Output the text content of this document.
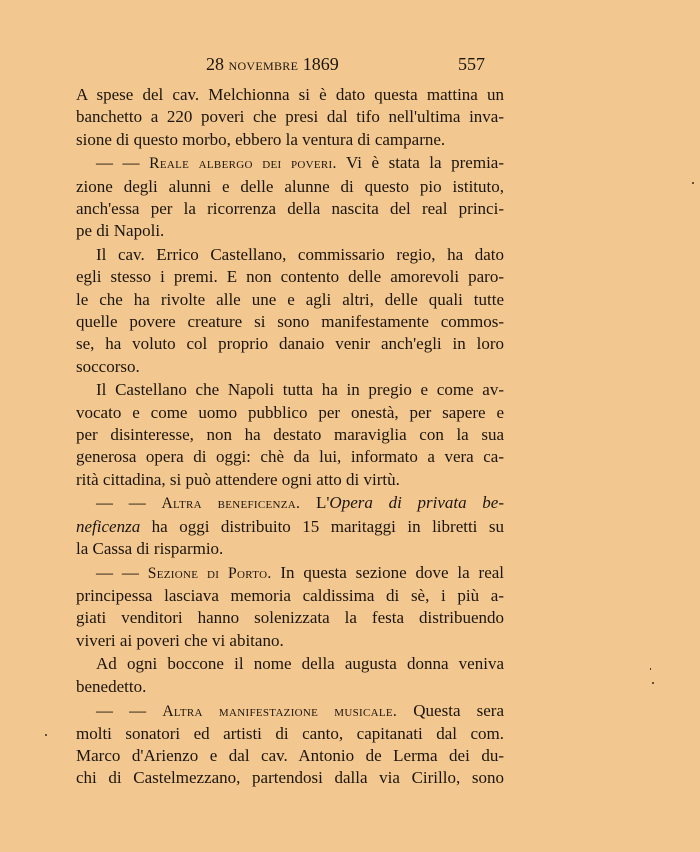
28 novembre 1869	557

A spese del cav. Melchionna si è dato questa mattina un
banchetto a 220 poveri che presi dal tifo nell'ultima inva-
sione di questo morbo, ebbero la ventura di camparne.

— — Reale albergo dei poveri. Vi è stata la premia-
zione degli alunni e delle alunne di questo pio istituto,
anch'essa per la ricorrenza della nascita del real princi-
pe di Napoli.

Il cav. Errico Castellano, commissario regio, ha dato
egli stesso i premi. E non contento delle amorevoli paro-
le che ha rivolte alle une e agli altri, delle quali tutte
quelle povere creature si sono manifestamente commos-
se, ha voluto col proprio danaio venir anch'egli in loro
soccorso.

Il Castellano che Napoli tutta ha in pregio e come av-
vocato e come uomo pubblico per onestà, per sapere e
per disinteresse, non ha destato maraviglia con la sua
generosa opera di oggi: chè da lui, informato a vera ca-
rità cittadina, si può attendere ogni atto di virtù.

— — Altra beneficenza. L'Opera di privata be-
neficenza ha oggi distribuito 15 maritaggi in libretti su
la Cassa di risparmio.

— — Sezione di Porto. In questa sezione dove la real
principessa lasciava memoria caldissima di sè, i più a-
giati venditori hanno solenizzata la festa distribuendo
viveri ai poveri che vi abitano.

Ad ogni boccone il nome della augusta donna veniva
benedetto.

— — Altra manifestazione musicale. Questa sera
molti sonatori ed artisti di canto, capitanati dal com.
Marco d'Arienzo e dal cav. Antonio de Lerma dei du-
chi di Castelmezzano, partendosi dalla via Cirillo, sono
